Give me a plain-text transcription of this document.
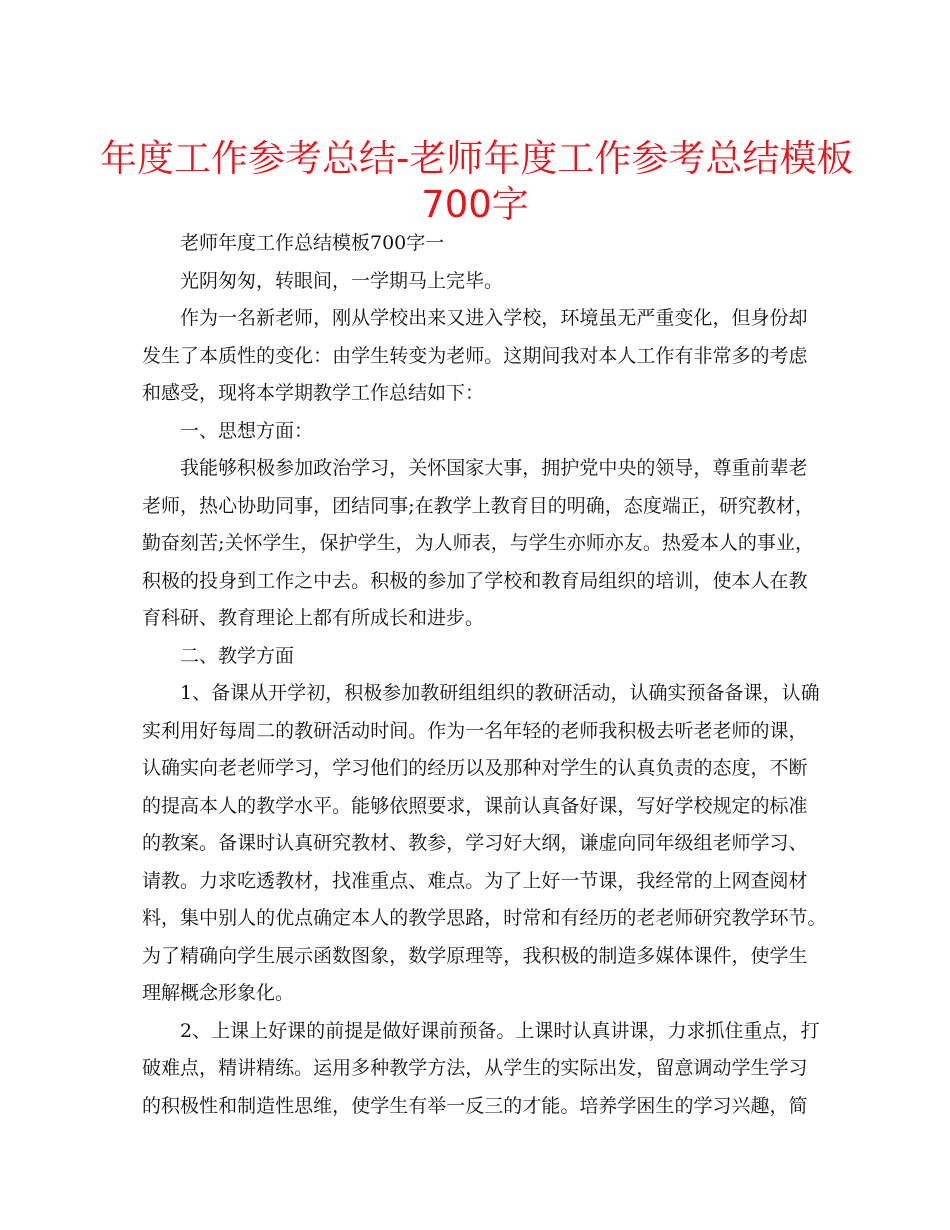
年度工作参考总结-老师年度工作参考总结模板
700字
老师年度工作总结模板700字一
光阴匆匆，转眼间，一学期马上完毕。
作 为 一 名 新 老 师 ， 刚 从 学 校 出 来 又 进 入 学 校 ， 环 境 虽 无 严 重 变 化 ， 但 身 份 却
发 生 了 本 质 性 的 变 化 ： 由 学 生 转 变 为 老 师 。 这 期 间 我 对 本 人 工 作 有 非 常 多 的 考 虑
和感受，现将本学期教学工作总结如下：
一、思想方面：
我 能 够 积 极 参 加 政 治 学 习 ， 关 怀 国 家 大 事 ， 拥 护 党 中 央 的 领 导 ， 尊 重 前 辈 老
老 师 ， 热 心 协 助 同 事 ， 团 结 同 事 ; 在 教 学 上 教 育 目 的 明 确 ， 态 度 端 正 ， 研 究 教 材 ，
勤 奋 刻 苦 ; 关 怀 学 生 ， 保 护 学 生 ， 为 人 师 表 ， 与 学 生 亦 师 亦 友 。 热 爱 本 人 的 事 业 ，
积 极 的 投 身 到 工 作 之 中 去 。 积 极 的 参 加 了 学 校 和 教 育 局 组 织 的 培 训 ， 使 本 人 在 教
育科研、教育理论上都有所成长和进步。
二、教学方面
1 、 备 课 从 开 学 初 ， 积 极 参 加 教 研 组 组 织 的 教 研 活 动 ， 认 确 实 预 备 备 课 ， 认 确
实 利 用 好 每 周 二 的 教 研 活 动 时 间 。 作 为 一 名 年 轻 的 老 师 我 积 极 去 听 老 老 师 的 课 ，
认 确 实 向 老 老 师 学 习 ， 学 习 他 们 的 经 历 以 及 那 种 对 学 生 的 认 真 负 责 的 态 度 ， 不 断
的 提 高 本 人 的 教 学 水 平 。 能 够 依 照 要 求 ， 课 前 认 真 备 好 课 ， 写 好 学 校 规 定 的 标 准
的 教 案 。 备 课 时 认 真 研 究 教 材 、 教 参 ， 学 习 好 大 纲 ， 谦 虚 向 同 年 级 组 老 师 学 习 、
请 教 。 力 求 吃 透 教 材 ， 找 准 重 点 、 难 点 。 为 了 上 好 一 节 课 ， 我 经 常 的 上 网 查 阅 材
料 ， 集 中 别 人 的 优 点 确 定 本 人 的 教 学 思 路 ， 时 常 和 有 经 历 的 老 老 师 研 究 教 学 环 节 。
为 了 精 确 向 学 生 展 示 函 数 图 象 ， 数 学 原 理 等 ， 我 积 极 的 制 造 多 媒 体 课 件 ， 使 学 生
理解概念形象化。
2 、 上 课 上 好 课 的 前 提 是 做 好 课 前 预 备 。 上 课 时 认 真 讲 课 ， 力 求 抓 住 重 点 ， 打
破 难 点 ， 精 讲 精 练 。 运 用 多 种 教 学 方 法 ， 从 学 生 的 实 际 出 发 ， 留 意 调 动 学 生 学 习
的 积 极 性 和 制 造 性 思 维 ， 使 学 生 有 举 一 反 三 的 才 能 。 培 养 学 困 生 的 学 习 兴 趣 ， 简
